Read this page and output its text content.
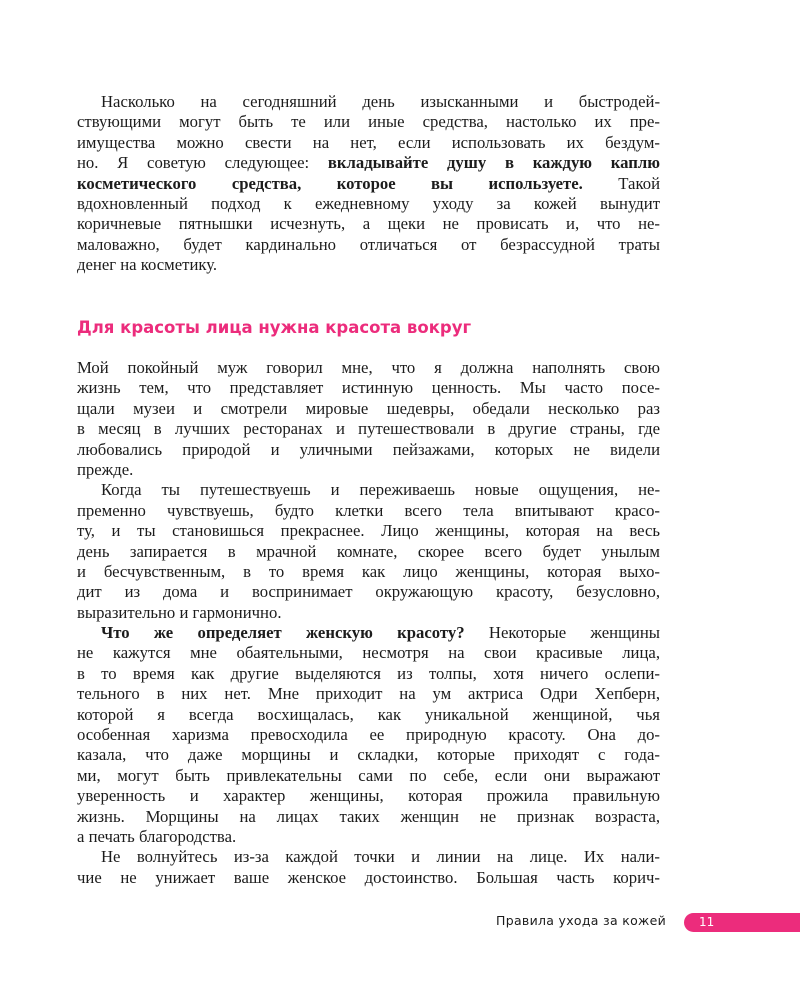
Насколько на сегодняшний день изысканными и быстродей-
ствующими могут быть те или иные средства, настолько их пре-
имущества можно свести на нет, если использовать их бездум-
но. Я советую следующее: вкладывайте душу в каждую каплю
косметического средства, которое вы используете. Такой
вдохновленный подход к ежедневному уходу за кожей вынудит
коричневые пятнышки исчезнуть, а щеки не провисать и, что не-
маловажно, будет кардинально отличаться от безрассудной траты
денег на косметику.
Для красоты лица нужна красота вокруг
Мой покойный муж говорил мне, что я должна наполнять свою
жизнь тем, что представляет истинную ценность. Мы часто посе-
щали музеи и смотрели мировые шедевры, обедали несколько раз
в месяц в лучших ресторанах и путешествовали в другие страны, где
любовались природой и уличными пейзажами, которых не видели
прежде.
Когда ты путешествуешь и переживаешь новые ощущения, не-
пременно чувствуешь, будто клетки всего тела впитывают красо-
ту, и ты становишься прекраснее. Лицо женщины, которая на весь
день запирается в мрачной комнате, скорее всего будет унылым
и бесчувственным, в то время как лицо женщины, которая выхо-
дит из дома и воспринимает окружающую красоту, безусловно,
выразительно и гармонично.
Что же определяет женскую красоту? Некоторые женщины
не кажутся мне обаятельными, несмотря на свои красивые лица,
в то время как другие выделяются из толпы, хотя ничего ослепи-
тельного в них нет. Мне приходит на ум актриса Одри Хепберн,
которой я всегда восхищалась, как уникальной женщиной, чья
особенная харизма превосходила ее природную красоту. Она до-
казала, что даже морщины и складки, которые приходят с года-
ми, могут быть привлекательны сами по себе, если они выражают
уверенность и характер женщины, которая прожила правильную
жизнь. Морщины на лицах таких женщин не признак возраста,
а печать благородства.
Не волнуйтесь из-за каждой точки и линии на лице. Их нали-
чие не унижает ваше женское достоинство. Большая часть корич-
Правила ухода за кожей	11
